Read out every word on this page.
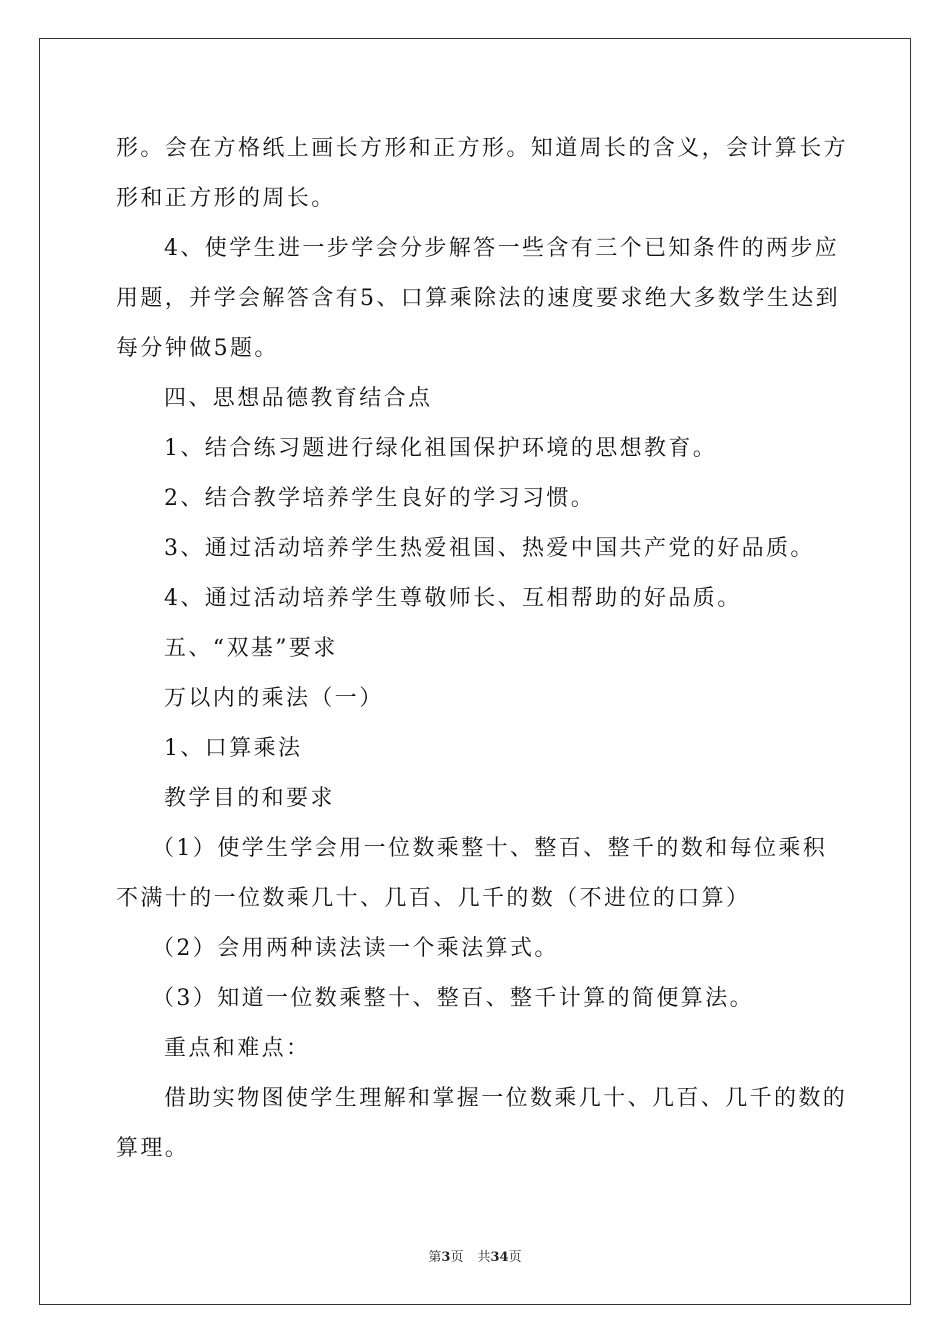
形。会在方格纸上画长方形和正方形。知道周长的含义，会计算长方
形和正方形的周长。
4、使学生进一步学会分步解答一些含有三个已知条件的两步应
用题，并学会解答含有5、口算乘除法的速度要求绝大多数学生达到
每分钟做5题。
四、思想品德教育结合点
1、结合练习题进行绿化祖国保护环境的思想教育。
2、结合教学培养学生良好的学习习惯。
3、通过活动培养学生热爱祖国、热爱中国共产党的好品质。
4、通过活动培养学生尊敬师长、互相帮助的好品质。
五、“双基”要求
万以内的乘法（一）
1、口算乘法
教学目的和要求
（1）使学生学会用一位数乘整十、整百、整千的数和每位乘积
不满十的一位数乘几十、几百、几千的数（不进位的口算）
（2）会用两种读法读一个乘法算式。
（3）知道一位数乘整十、整百、整千计算的简便算法。
重点和难点：
借助实物图使学生理解和掌握一位数乘几十、几百、几千的数的
算理。
第3页 共34页
